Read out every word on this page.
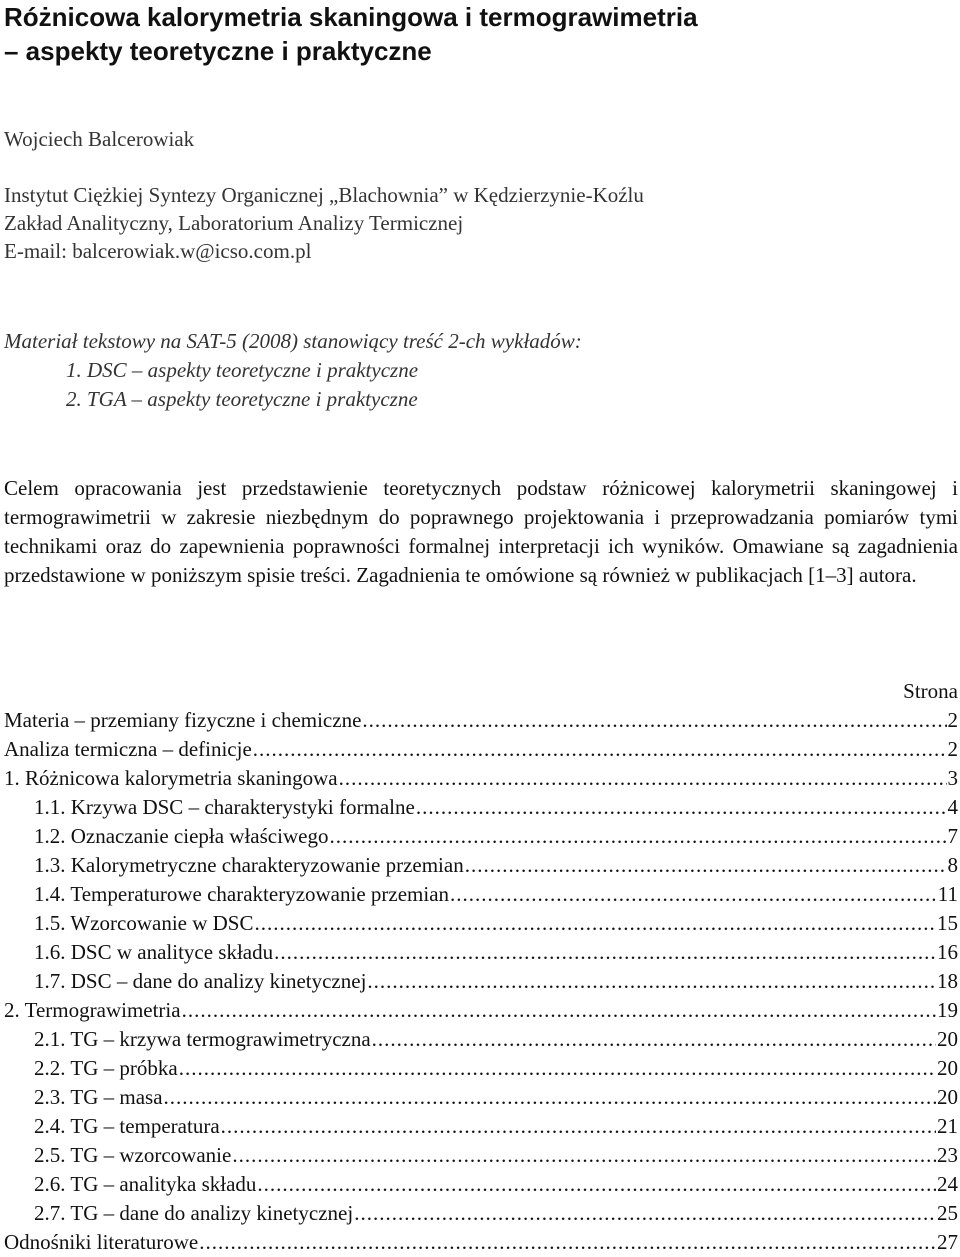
Różnicowa kalorymetria skaningowa i termograwimetria
– aspekty teoretyczne i praktyczne
Wojciech Balcerowiak
Instytut Ciężkiej Syntezy Organicznej „Blachownia” w Kędzierzynie-Koźlu
Zakład Analityczny, Laboratorium Analizy Termicznej
E-mail: balcerowiak.w@icso.com.pl
Materiał tekstowy na SAT-5 (2008) stanowiący treść 2-ch wykładów:
1. DSC – aspekty teoretyczne i praktyczne
2. TGA – aspekty teoretyczne i praktyczne

Celem opracowania jest przedstawienie teoretycznych podstaw różnicowej kalorymetrii skaningowej i termograwimetrii w zakresie niezbędnym do poprawnego projektowania i przeprowadzania pomiarów tymi technikami oraz do zapewnienia poprawności formalnej interpretacji ich wyników. Omawiane są zagadnienia przedstawione w poniższym spisie treści. Zagadnienia te omówione są również w publikacjach [1–3] autora.

Strona
Materia – przemiany fizyczne i chemiczne .....	2
Analiza termiczna – definicje .....	2
1. Różnicowa kalorymetria skaningowa .....	3
1.1. Krzywa DSC – charakterystyki formalne .....	4
1.2. Oznaczanie ciepła właściwego .....	7
1.3. Kalorymetryczne charakteryzowanie przemian .....	8
1.4. Temperaturowe charakteryzowanie przemian .....	11
1.5. Wzorcowanie w DSC .....	15
1.6. DSC w analityce składu .....	16
1.7. DSC – dane do analizy kinetycznej .....	18
2. Termograwimetria .....	19
2.1. TG – krzywa termograwimetryczna .....	20
2.2. TG – próbka .....	20
2.3. TG – masa .....	20
2.4. TG – temperatura .....	21
2.5. TG – wzorcowanie .....	23
2.6. TG – analityka składu .....	24
2.7. TG – dane do analizy kinetycznej .....	25
Odnośniki literaturowe .....	27
